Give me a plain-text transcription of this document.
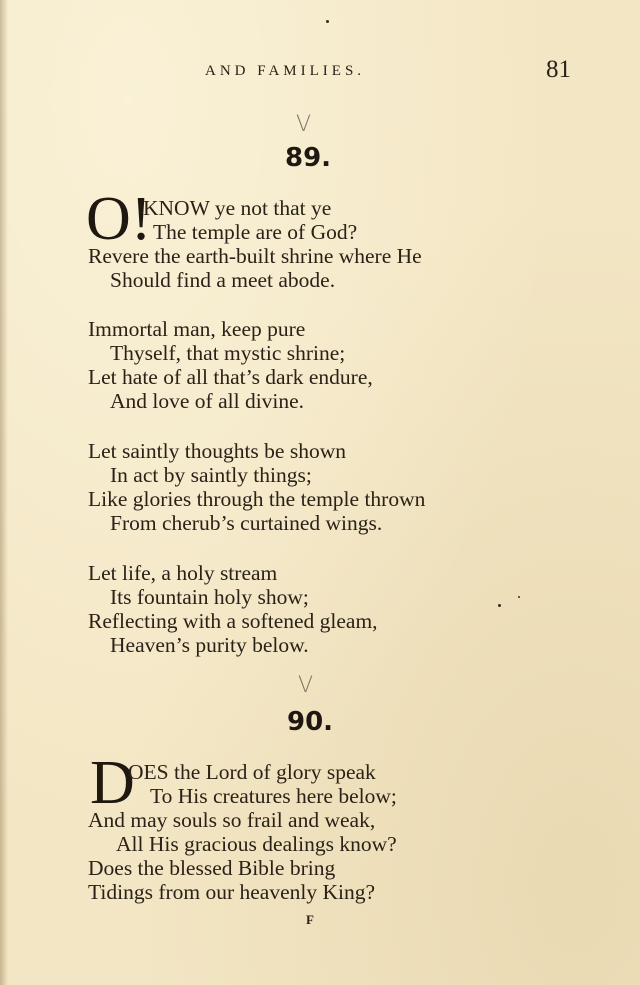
AND FAMILIES.	81
V
89.
O!
KNOW ye not that ye
The temple are of God?
Revere the earth-built shrine where He
Should find a meet abode.
Immortal man, keep pure
Thyself, that mystic shrine;
Let hate of all that’s dark endure,
And love of all divine.
Let saintly thoughts be shown
In act by saintly things;
Like glories through the temple thrown
From cherub’s curtained wings.
Let life, a holy stream
Its fountain holy show;
Reflecting with a softened gleam,
Heaven’s purity below.
V
90.
D
OES the Lord of glory speak
To His creatures here below;
And may souls so frail and weak,
All His gracious dealings know?
Does the blessed Bible bring
Tidings from our heavenly King?
F
